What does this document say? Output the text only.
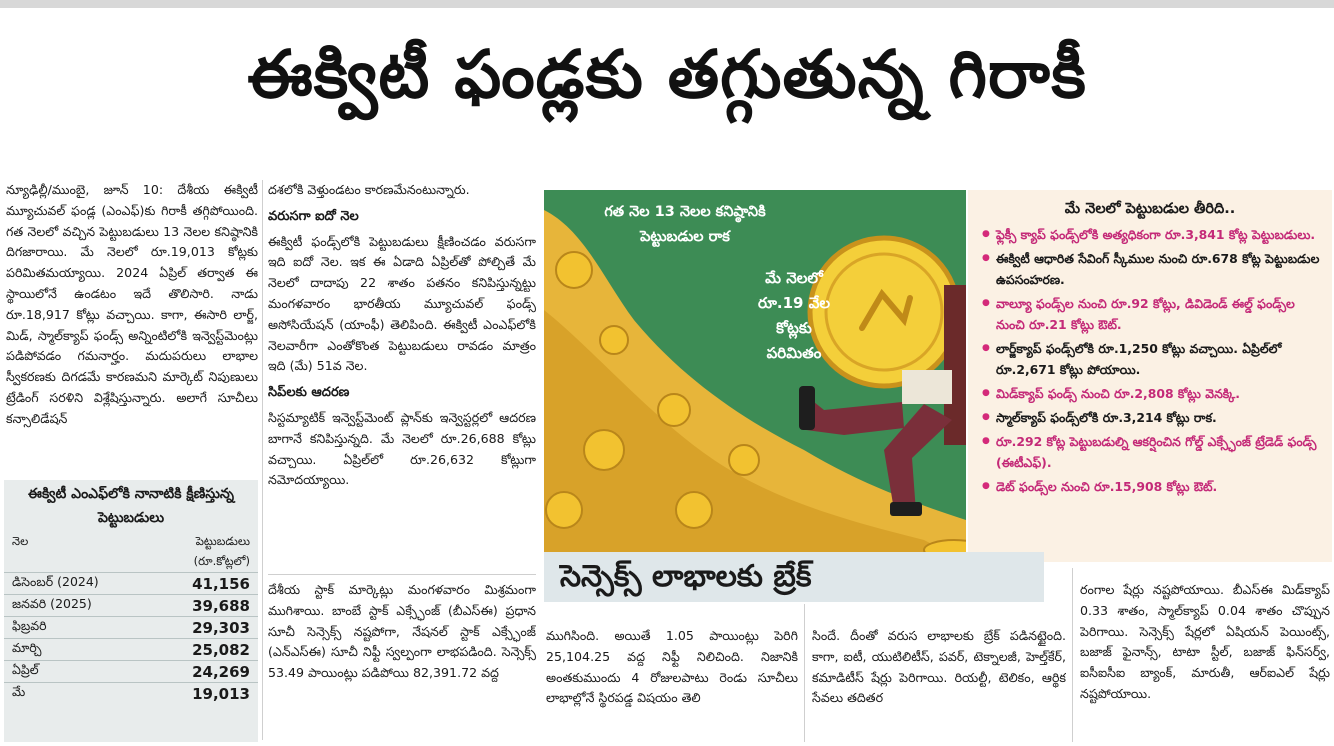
ఈక్విటీ ఫండ్లకు తగ్గుతున్న గిరాకీ

న్యూఢిల్లీ/ముంబై, జూన్ 10: దేశీయ ఈక్విటీ మ్యూచువల్ ఫండ్ల (ఎంఎఫ్)కు గిరాకీ తగ్గిపోయింది. గత నెలలో వచ్చిన పెట్టుబడులు 13 నెలల కనిష్ఠానికి దిగజారాయి. మే నెలలో రూ.19,013 కోట్లకు పరిమితమయ్యాయి. 2024 ఏప్రిల్ తర్వాత ఈ స్థాయిలోనే ఉండటం ఇదే తొలిసారి. నాడు రూ.18,917 కోట్లు వచ్చాయి. కాగా, ఈసారి లార్జ్, మిడ్, స్మాల్‌క్యాప్ ఫండ్స్ అన్నింటిలోకి ఇన్వెస్ట్‌మెంట్లు పడిపోవడం గమనార్హం. మదుపరులు లాభాల స్వీకరణకు దిగడమే కారణమని మార్కెట్ నిపుణులు ట్రేడింగ్ సరళిని విశ్లేషిస్తున్నారు. అలాగే సూచీలు కన్సాలిడేషన్

ఈక్విటీ ఎంఎఫ్‌లోకి నానాటికి క్షీణిస్తున్న పెట్టుబడులు
నెల	పెట్టుబడులు
	(రూ.కోట్లలో)
డిసెంబర్ (2024)	41,156
జనవరి (2025)	39,688
ఫిబ్రవరి	29,303
మార్చి	25,082
ఏప్రిల్	24,269
మే	19,013

దశలోకి వెళ్తుండటం కారణమేనంటున్నారు.

వరుసగా ఐదో నెల

ఈక్విటీ ఫండ్స్‌లోకి పెట్టుబడులు క్షీణించడం వరుసగా ఇది ఐదో నెల. ఇక ఈ ఏడాది ఏప్రిల్‌తో పోల్చితే మే నెలలో దాదాపు 22 శాతం పతనం కనిపిస్తున్నట్టు మంగళవారం భారతీయ మ్యూచువల్ ఫండ్స్ అసోసియేషన్ (యాంఫీ) తెలిపింది. ఈక్విటీ ఎంఎఫ్‌లోకి నెలవారీగా ఎంతోకొంత పెట్టుబడులు రావడం మాత్రం ఇది (మే) 51వ నెల.

సిప్‌లకు ఆదరణ

సిస్టమ్యాటిక్ ఇన్వెస్ట్‌మెంట్ ప్లాన్‌కు ఇన్వెస్టర్లలో ఆదరణ బాగానే కనిపిస్తున్నది. మే నెలలో రూ.26,688 కోట్లు వచ్చాయి. ఏప్రిల్‌లో రూ.26,632 కోట్లుగా నమోదయ్యాయి.

దేశీయ స్టాక్ మార్కెట్లు మంగళవారం మిశ్రమంగా ముగిశాయి. బాంబే స్టాక్ ఎక్స్ఛేంజ్ (బీఎస్ఈ) ప్రధాన సూచీ సెన్సెక్స్ నష్టపోగా, నేషనల్ స్టాక్ ఎక్స్ఛేంజ్ (ఎన్ఎస్ఈ) సూచీ నిఫ్టీ స్వల్పంగా లాభపడింది. సెన్సెక్స్ 53.49 పాయింట్లు పడిపోయి 82,391.72 వద్ద

గత నెల 13 నెలల కనిష్ఠానికి
పెట్టుబడుల రాక
మే నెలలో
రూ.19 వేల
కోట్లకు
పరిమితం
మే నెలలో పెట్టుబడుల తీరిది..
● ఫ్లెక్సీ క్యాప్ ఫండ్స్‌లోకి అత్యధికంగా రూ.3,841 కోట్ల పెట్టుబడులు.
● ఈక్విటీ ఆధారిత సేవింగ్ స్కీముల నుంచి రూ.678 కోట్ల పెట్టుబడుల ఉపసంహరణ.
● వాల్యూ ఫండ్స్‌ల నుంచి రూ.92 కోట్లు, డివిడెండ్ ఈల్డ్ ఫండ్స్‌ల నుంచి రూ.21 కోట్లు ఔట్.
● లార్జ్‌క్యాప్ ఫండ్స్‌లోకి రూ.1,250 కోట్లు వచ్చాయి. ఏప్రిల్‌లో రూ.2,671 కోట్లు పోయాయి.
● మిడ్‌క్యాప్ ఫండ్స్ నుంచి రూ.2,808 కోట్లు వెనక్కి.
● స్మాల్‌క్యాప్ ఫండ్స్‌లోకి రూ.3,214 కోట్లు రాక.
● రూ.292 కోట్ల పెట్టుబడుల్ని ఆకర్షించిన గోల్డ్ ఎక్స్ఛేంజ్ ట్రేడెడ్ ఫండ్స్ (ఈటీఎఫ్).
● డెట్ ఫండ్స్‌ల నుంచి రూ.15,908 కోట్లు ఔట్.
సెన్సెక్స్ లాభాలకు బ్రేక్

ముగిసింది. అయితే 1.05 పాయింట్లు పెరిగి 25,104.25 వద్ద నిఫ్టీ నిలిచింది. నిజానికి అంతకుముందు 4 రోజులపాటు రెండు సూచీలు లాభాల్లోనే స్థిరపడ్డ విషయం తెలి

సిందే. దీంతో వరుస లాభాలకు బ్రేక్ పడినట్టైంది. కాగా, ఐటీ, యుటిలిటీస్, పవర్, టెక్నాలజీ, హెల్త్‌కేర్, కమాడిటీస్ షేర్లు పెరిగాయి. రియల్టీ, టెలికం, ఆర్థిక సేవలు తదితర

రంగాల షేర్లు నష్టపోయాయి. బీఎస్ఈ మిడ్‌క్యాప్ 0.33 శాతం, స్మాల్‌క్యాప్ 0.04 శాతం చొప్పున పెరిగాయి. సెన్సెక్స్ షేర్లలో ఏషియన్ పెయింట్స్, బజాజ్ ఫైనాన్స్, టాటా స్టీల్, బజాజ్ ఫిన్‌సర్వ్, ఐసీఐసీఐ బ్యాంక్, మారుతీ, ఆర్‌ఐఎల్ షేర్లు నష్టపోయాయి.
